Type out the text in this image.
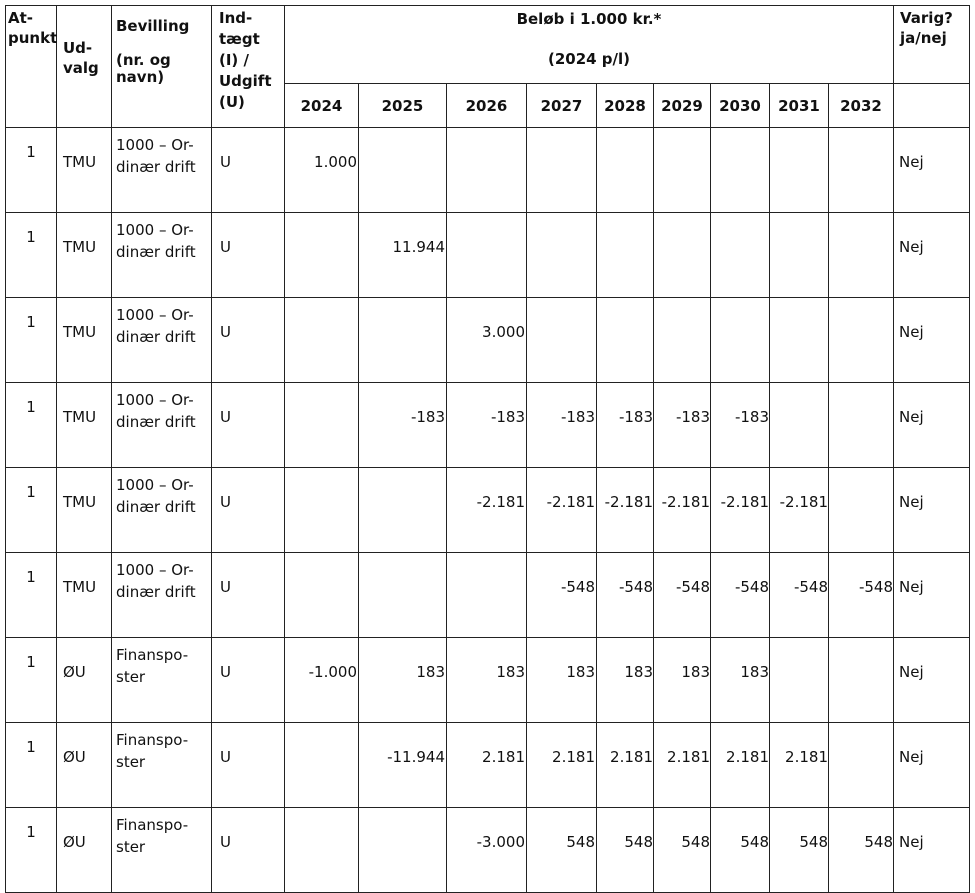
At-
punkt	Ud-
valg	Bevilling

(nr. og
navn)	Ind-
tægt
(I) /
Udgift
(U)	Beløb i 1.000 kr.*
(2024 p/l)									Varig?
ja/nej
				2024	2025	2026	2027	2028	2029	2030	2031	2032	
1	TMU	1000 – Or-
dinær drift	U	1.000									Nej
1	TMU	1000 – Or-
dinær drift	U		11.944								Nej
1	TMU	1000 – Or-
dinær drift	U			3.000							Nej
1	TMU	1000 – Or-
dinær drift	U		-183	-183	-183	-183	-183	-183			Nej
1	TMU	1000 – Or-
dinær drift	U			-2.181	-2.181	-2.181	-2.181	-2.181	-2.181		Nej
1	TMU	1000 – Or-
dinær drift	U				-548	-548	-548	-548	-548	-548	Nej
1	ØU	Finanspo-
ster	U	-1.000	183	183	183	183	183	183			Nej
1	ØU	Finanspo-
ster	U		-11.944	2.181	2.181	2.181	2.181	2.181	2.181		Nej
1	ØU	Finanspo-
ster	U			-3.000	548	548	548	548	548	548	Nej
